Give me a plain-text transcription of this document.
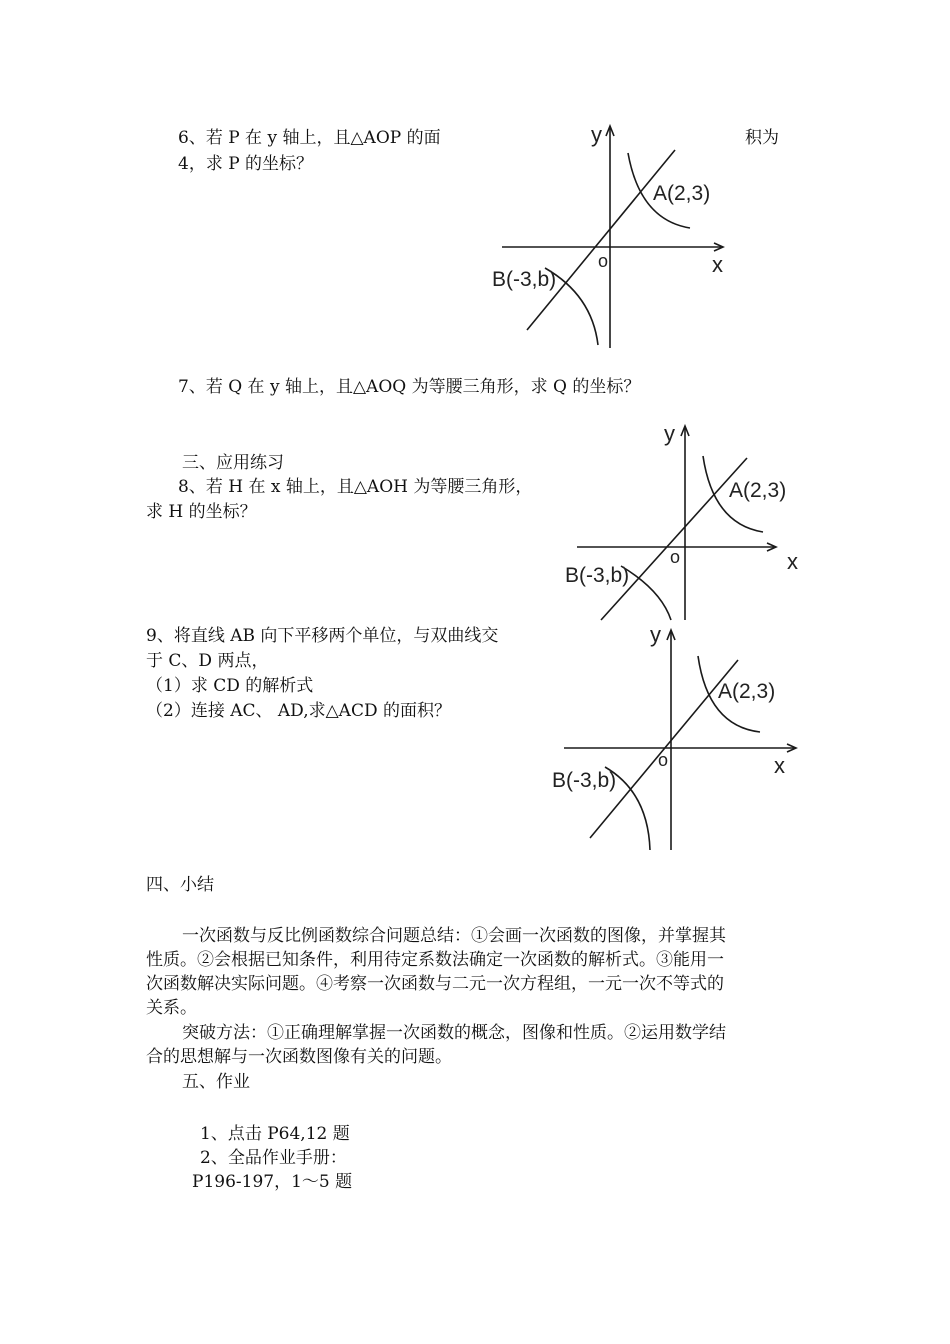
6、若 P 在 y 轴上，且△AOP 的面	积为
4，求 P 的坐标？
y
x
o
A(2,3)
B(-3,b)
7、若 Q 在 y 轴上，且△AOQ 为等腰三角形，求 Q 的坐标？
三、应用练习
8、若 H 在 x 轴上，且△AOH 为等腰三角形，
求 H 的坐标？
y
x
o
A(2,3)
B(-3,b)
9、将直线 AB 向下平移两个单位，与双曲线交
于 C、D 两点，
（1）求 CD 的解析式
（2）连接 AC、 AD,求△ACD 的面积？
y
x
o
A(2,3)
B(-3,b)
四、小结
一次函数与反比例函数综合问题总结：①会画一次函数的图像，并掌握其
性质。②会根据已知条件，利用待定系数法确定一次函数的解析式。③能用一
次函数解决实际问题。④考察一次函数与二元一次方程组，一元一次不等式的
关系。
突破方法：①正确理解掌握一次函数的概念，图像和性质。②运用数学结
合的思想解与一次函数图像有关的问题。
五、作业
1、点击 P64,12 题
2、全品作业手册：
P196-197，1～5 题
